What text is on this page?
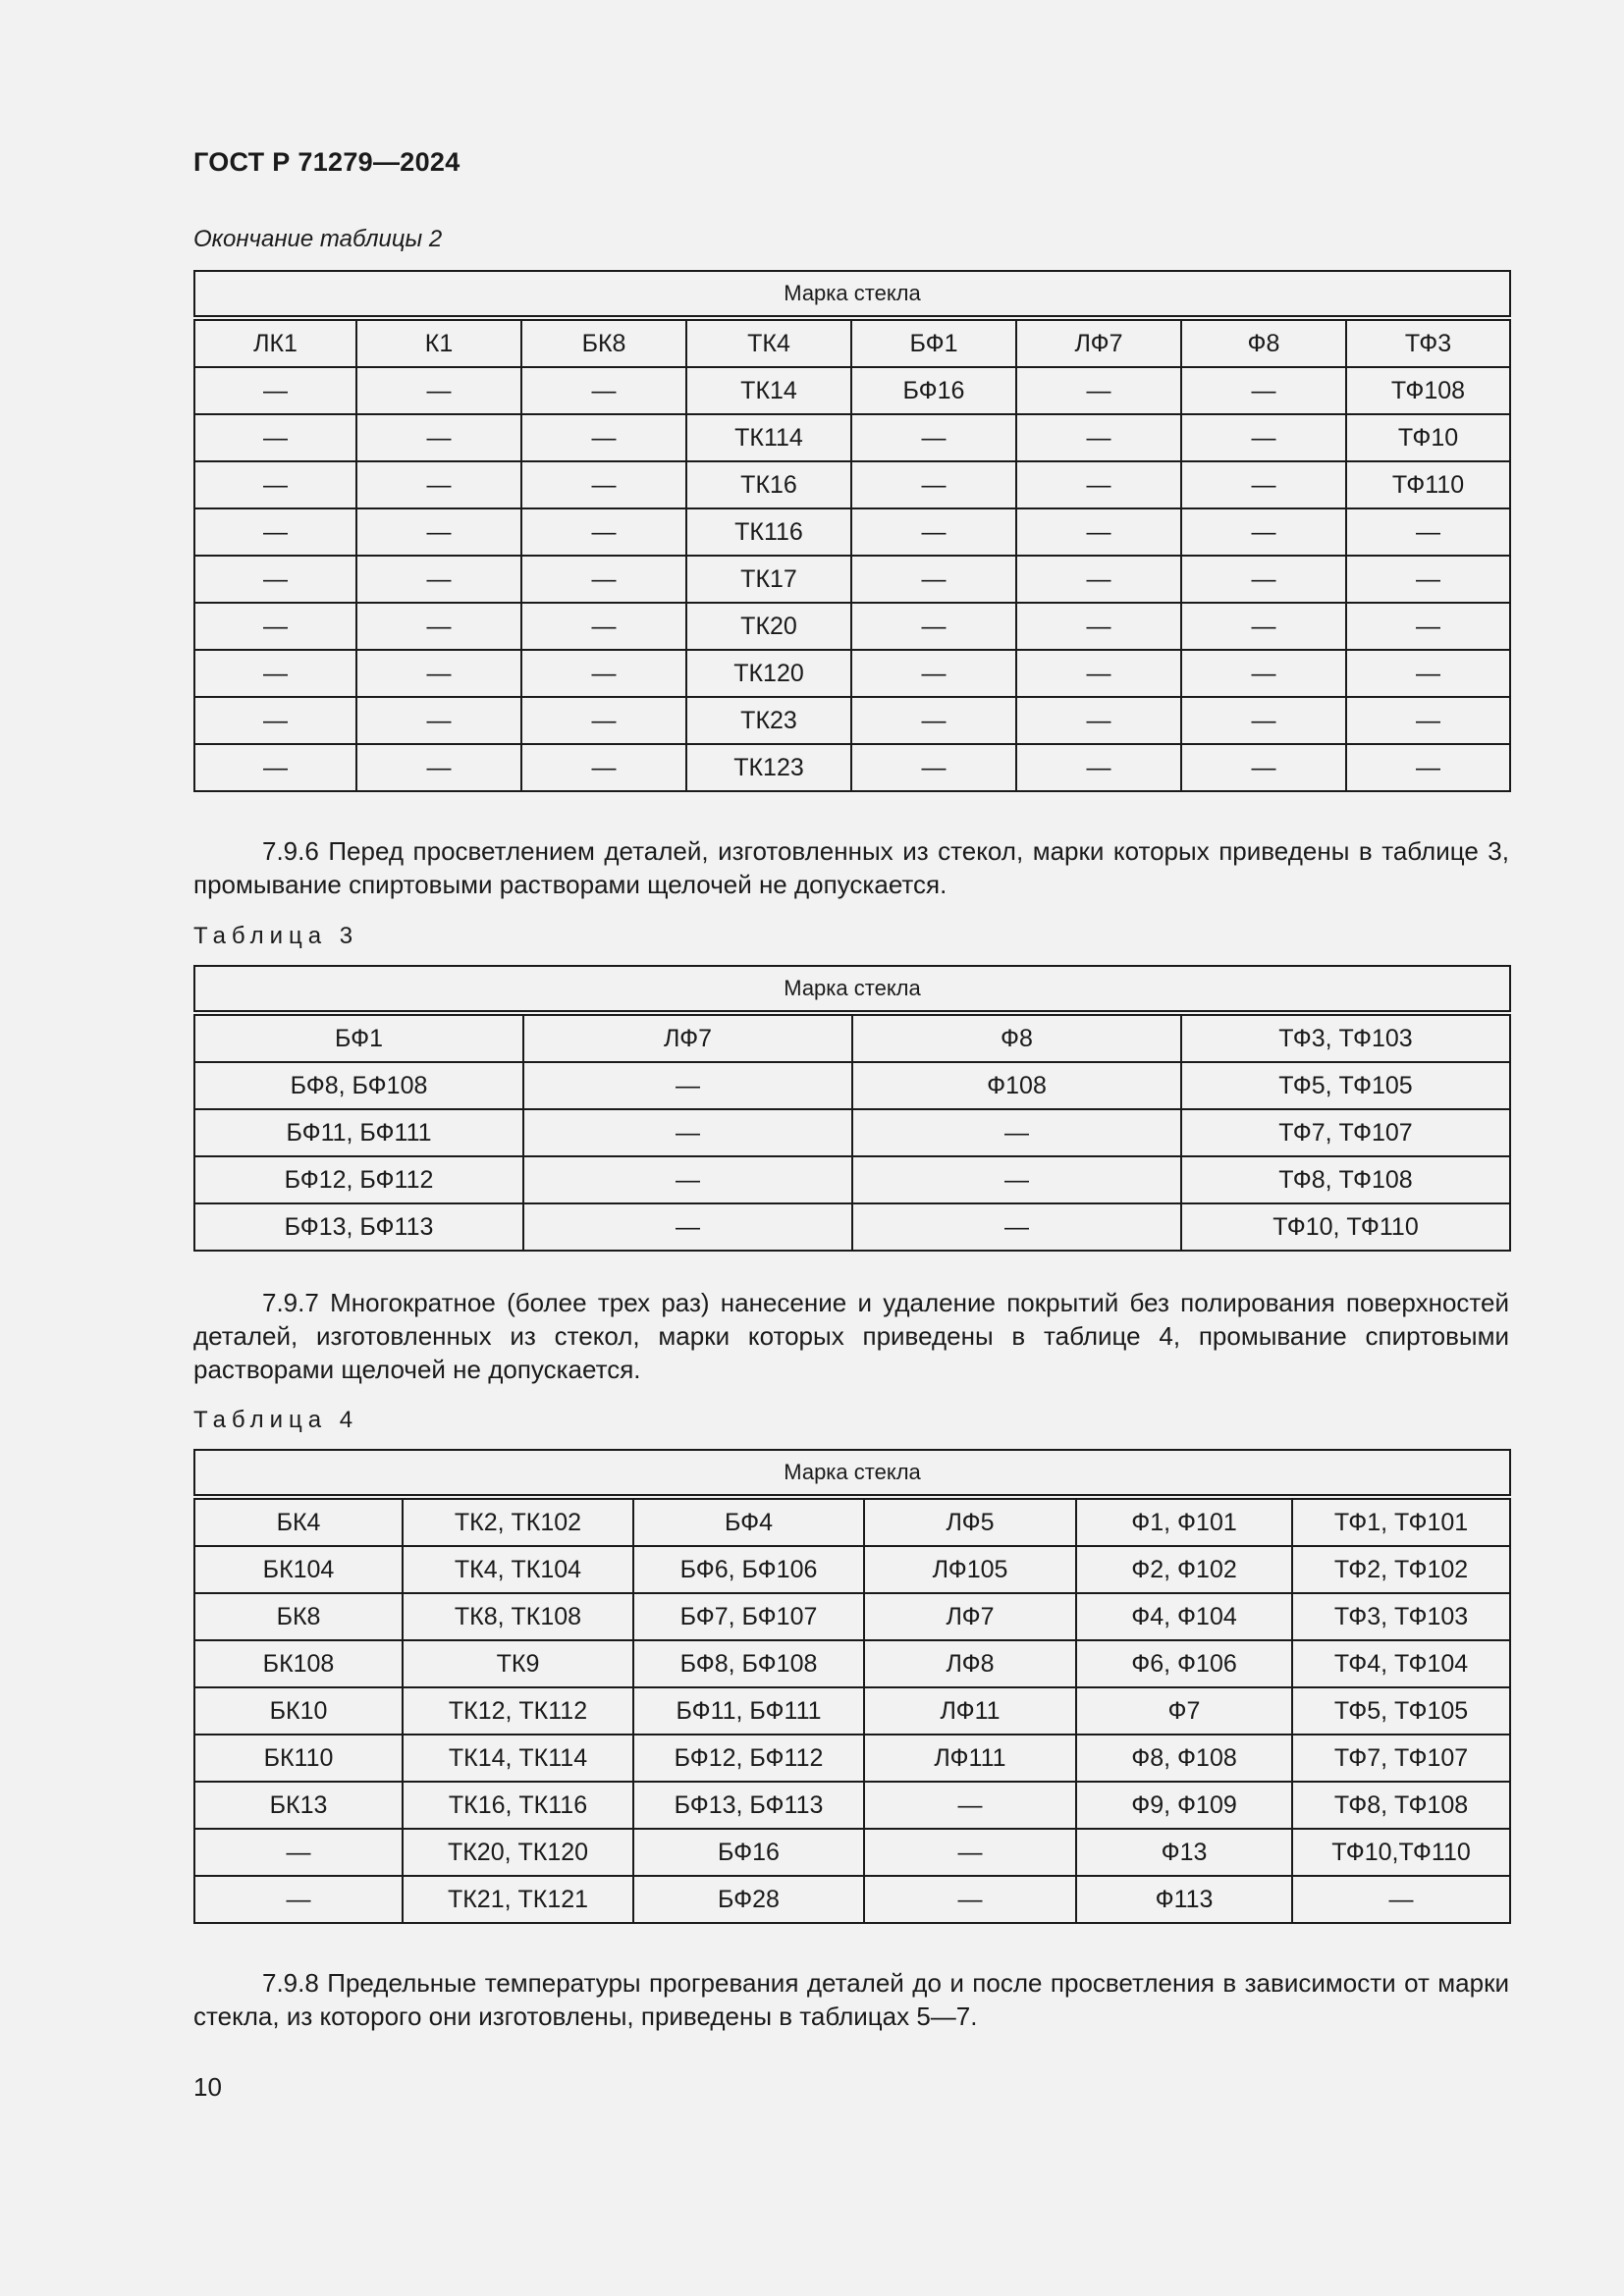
ГОСТ Р 71279—2024
Окончание таблицы 2
Марка стекла							
ЛК1	К1	БК8	ТК4	БФ1	ЛФ7	Ф8	ТФ3
—	—	—	ТК14	БФ16	—	—	ТФ108
—	—	—	ТК114	—	—	—	ТФ10
—	—	—	ТК16	—	—	—	ТФ110
—	—	—	ТК116	—	—	—	—
—	—	—	ТК17	—	—	—	—
—	—	—	ТК20	—	—	—	—
—	—	—	ТК120	—	—	—	—
—	—	—	ТК23	—	—	—	—
—	—	—	ТК123	—	—	—	—
7.9.6 Перед просветлением деталей, изготовленных из стекол, марки которых приведены в таблице 3, промывание спиртовыми растворами щелочей не допускается.
Таблица 3
Марка стекла			
БФ1	ЛФ7	Ф8	ТФ3, ТФ103
БФ8, БФ108	—	Ф108	ТФ5, ТФ105
БФ11, БФ111	—	—	ТФ7, ТФ107
БФ12, БФ112	—	—	ТФ8, ТФ108
БФ13, БФ113	—	—	ТФ10, ТФ110
7.9.7 Многократное (более трех раз) нанесение и удаление покрытий без полирования поверхностей деталей, изготовленных из стекол, марки которых приведены в таблице 4, промывание спиртовыми растворами щелочей не допускается.
Таблица 4
Марка стекла					
БК4	ТК2, ТК102	БФ4	ЛФ5	Ф1, Ф101	ТФ1, ТФ101
БК104	ТК4, ТК104	БФ6, БФ106	ЛФ105	Ф2, Ф102	ТФ2, ТФ102
БК8	ТК8, ТК108	БФ7, БФ107	ЛФ7	Ф4, Ф104	ТФ3, ТФ103
БК108	ТК9	БФ8, БФ108	ЛФ8	Ф6, Ф106	ТФ4, ТФ104
БК10	ТК12, ТК112	БФ11, БФ111	ЛФ11	Ф7	ТФ5, ТФ105
БК110	ТК14, ТК114	БФ12, БФ112	ЛФ111	Ф8, Ф108	ТФ7, ТФ107
БК13	ТК16, ТК116	БФ13, БФ113	—	Ф9, Ф109	ТФ8, ТФ108
—	ТК20, ТК120	БФ16	—	Ф13	ТФ10,ТФ110
—	ТК21, ТК121	БФ28	—	Ф113	—
7.9.8 Предельные температуры прогревания деталей до и после просветления в зависимости от марки стекла, из которого они изготовлены, приведены в таблицах 5—7.
10
